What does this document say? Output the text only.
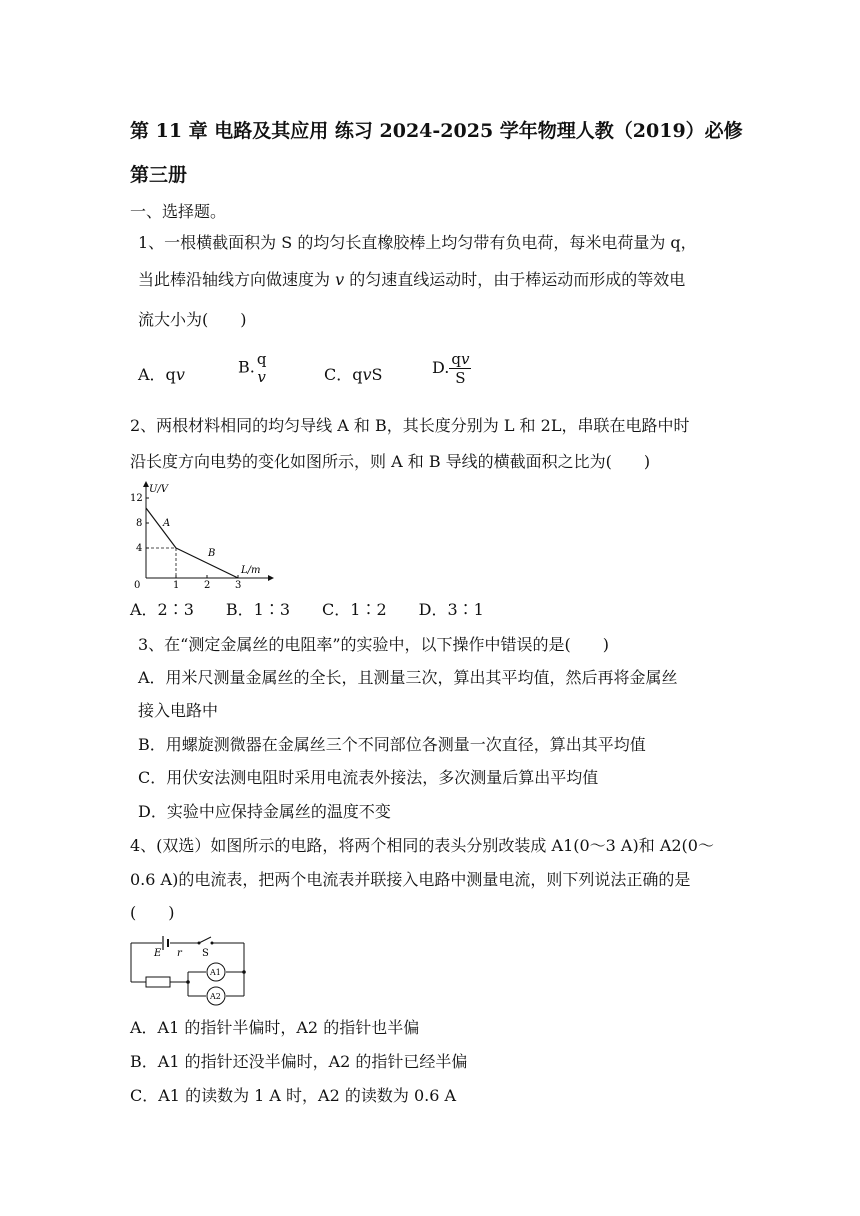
第 11 章 电路及其应用 练习 2024-2025 学年物理人教（2019）必修
第三册
一、选择题。
1、一根横截面积为 S 的均匀长直橡胶棒上均匀带有负电荷，每米电荷量为 q，
当此棒沿轴线方向做速度为 v 的匀速直线运动时，由于棒运动而形成的等效电
流大小为(　　)
A．qv	B. q
v	C．qvS	D. $\frac{qv}{S}$
2、两根材料相同的均匀导线 A 和 B，其长度分别为 L 和 2L，串联在电路中时
沿长度方向电势的变化如图所示，则 A 和 B 导线的横截面积之比为(　　)
U/V
L/m
12
8
4
0	1 2 3
A
B
A．2∶3　　B．1∶3　　C．1∶2　　D．3∶1
3、在“测定金属丝的电阻率”的实验中，以下操作中错误的是(　　)
A．用米尺测量金属丝的全长，且测量三次，算出其平均值，然后再将金属丝
接入电路中
B．用螺旋测微器在金属丝三个不同部位各测量一次直径，算出其平均值
C．用伏安法测电阻时采用电流表外接法，多次测量后算出平均值
D．实验中应保持金属丝的温度不变
4、(双选）如图所示的电路，将两个相同的表头分别改装成 A1(0～3 A)和 A2(0～
0.6 A)的电流表，把两个电流表并联接入电路中测量电流，则下列说法正确的是
(　　)
E r S
A1
A2
A．A1 的指针半偏时，A2 的指针也半偏
B．A1 的指针还没半偏时，A2 的指针已经半偏
C．A1 的读数为 1 A 时，A2 的读数为 0.6 A
